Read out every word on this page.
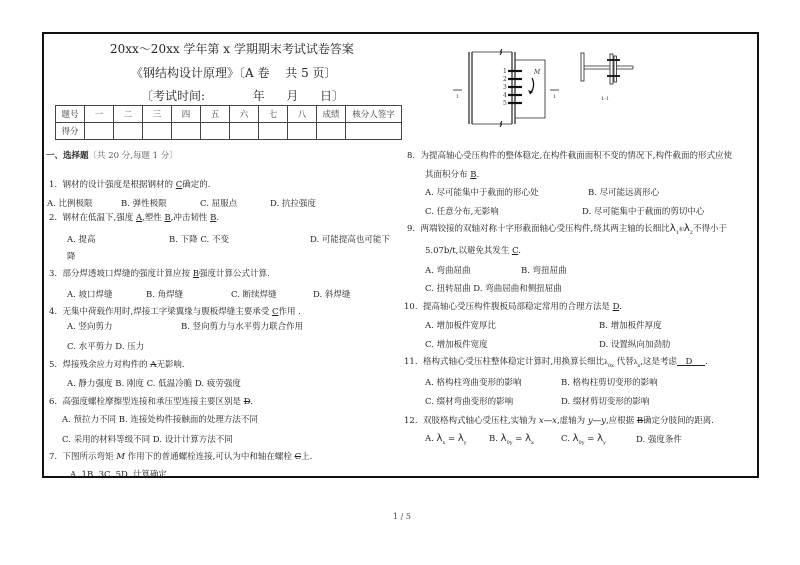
20xx～20xx 学年第 x 学期期末考试试卷答案
《钢结构设计原理》〔A 卷　 共 5 页〕
〔考试时间:	年 月 日〕
题号	一	二	三	四	五	六	七	八	成绩	核分人签字
得分										
1
2
3
4
5
M
1	1	1-1
一、选择题〔共 20 分,每题 1 分〕
1. 钢材的设计强度是根据钢材的 C确定的.
A. 比例极限	B. 弹性极限	C. 屈服点	D. 抗拉强度
2. 钢材在低温下,强度 A,塑性 B,冲击韧性 B.
A. 提高	B. 下降 C. 不变	D. 可能提高也可能下
降
3. 部分焊透坡口焊缝的强度计算应按 B强度计算公式计算.
A. 坡口焊缝	B. 角焊缝	C. 断续焊缝	D. 斜焊缝
4. 无集中荷载作用时,焊接工字梁翼缘与腹板焊缝主要承受 C作用 .
A. 竖向剪力	B. 竖向剪力与水平剪力联合作用
C. 水平剪力 D. 压力
5. 焊接残余应力对构件的 A无影响.
A. 静力强度 B. 刚度 C. 低温冷脆 D. 疲劳强度
6. 高强度螺栓摩擦型连接和承压型连接主要区别是 D.
A. 预拉力不同 B. 连接处构件接触面的处理方法不同
C. 采用的材料等级不同 D. 设计计算方法不同
7. 下图所示弯矩 M 作用下的普通螺栓连接,可认为中和轴在螺栓 C上.
A. 1B. 3C. 5D. 计算确定
8. 为提高轴心受压构件的整体稳定,在构件截面面积不变的情况下,构件截面的形式应使
其面积分布 B.
A. 尽可能集中于截面的形心处	B. 尽可能远离形心
C. 任意分布,无影响	D. 尽可能集中于截面的剪切中心
9. 两端铰接的双轴对称十字形截面轴心受压构件,绕其两主轴的长细比$\lambda_1$和$\lambda_2$不得小于
5.07b/t,以避免其发生 C.
A. 弯曲屈曲	B. 弯扭屈曲
C. 扭转屈曲 D. 弯曲屈曲和侧扭屈曲
10. 提高轴心受压构件腹板局部稳定常用的合理方法是 D.
A. 增加板件宽厚比	B. 增加板件厚度
C. 增加板件宽度	D. 设置纵向加劲肋
11. 格构式轴心受压柱整体稳定计算时,用换算长细比$\lambda_{0x}$ 代替$\lambda_x$,这是考虑__D___.
A. 格构柱弯曲变形的影响	B. 格构柱剪切变形的影响
C. 缀材弯曲变形的影响	D. 缀材剪切变形的影响
12. 双肢格构式轴心受压柱,实轴为 x—x,虚轴为 y—y,应根据 B确定分肢间的距离.
A. $\lambda_x = \lambda_y$	B. $\lambda_{0y} = \lambda_x$	C. $\lambda_{0y} = \lambda_y$	D. 强度条件
1 / 5
